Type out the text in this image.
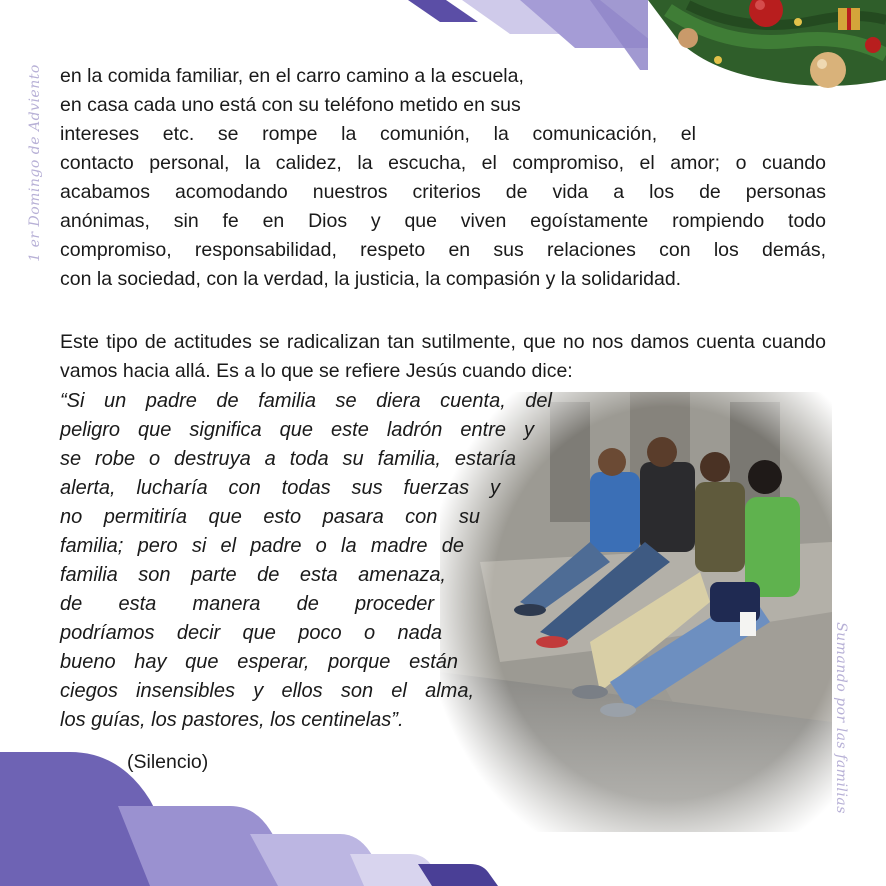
1 er Domingo de Adviento
Sumando por las familias
en la comida familiar, en el carro camino a la escuela,
en casa cada uno está con su teléfono metido en sus
intereses etc. se rompe la comunión, la comunicación, el
contacto personal, la calidez, la escucha, el compromiso, el amor; o cuando
acabamos acomodando nuestros criterios de vida a los de personas
anónimas, sin fe en Dios y que viven egoístamente rompiendo todo
compromiso, responsabilidad, respeto en sus relaciones con los demás,
con la sociedad, con la verdad, la justicia, la compasión y la solidaridad.
Este tipo de actitudes se radicalizan tan sutilmente, que no nos damos cuenta cuando vamos hacia allá. Es a lo que se refiere Jesús cuando dice:
“Si un padre de familia se diera cuenta, del
peligro que significa que este ladrón entre y
se robe o destruya a toda su familia, estaría
alerta, lucharía con todas sus fuerzas y
no permitiría que esto pasara con su
familia; pero si el padre o la madre de
familia son parte de esta amenaza,
de esta manera de proceder
podríamos decir que poco o nada
bueno hay que esperar, porque están
ciegos insensibles y ellos son el alma,
los guías, los pastores, los centinelas”.
(Silencio)
